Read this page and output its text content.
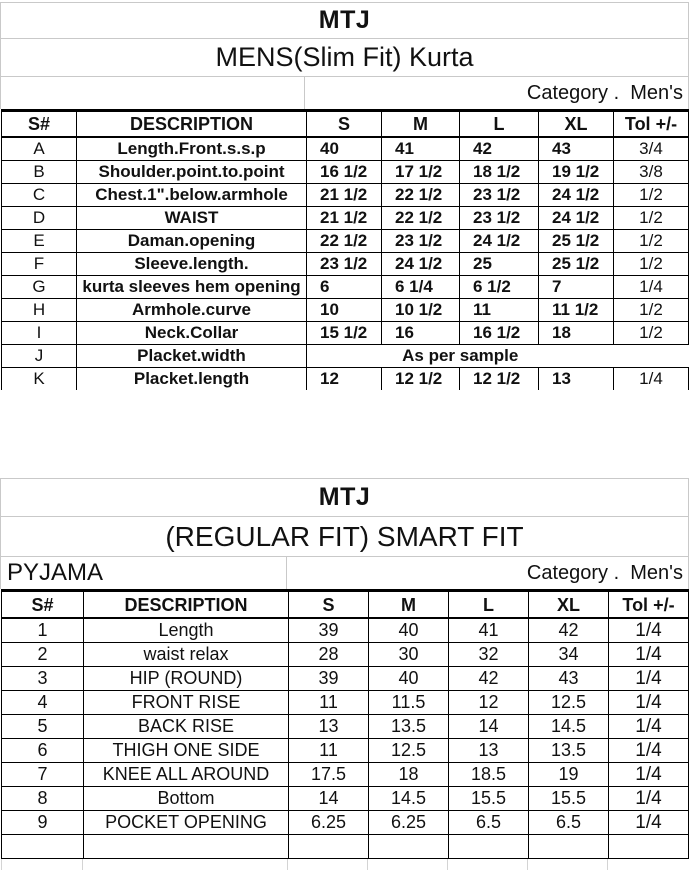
MTJ
MENS(Slim Fit) Kurta
Category .  Men's
S#	DESCRIPTION	S	M	L	XL	Tol +/-
A	Length.Front.s.s.p	40	41	42	43	3/4
B	Shoulder.point.to.point	16 1/2	17 1/2	18 1/2	19 1/2	3/8
C	Chest.1".below.armhole	21 1/2	22 1/2	23 1/2	24 1/2	1/2
D	WAIST	21 1/2	22 1/2	23 1/2	24 1/2	1/2
E	Daman.opening	22 1/2	23 1/2	24 1/2	25 1/2	1/2
F	Sleeve.length.	23 1/2	24 1/2	25	25 1/2	1/2
G	kurta sleeves hem opening	6	6 1/4	6 1/2	7	1/4
H	Armhole.curve	10	10 1/2	11	11 1/2	1/2
I	Neck.Collar	15 1/2	16	16 1/2	18	1/2
J	Placket.width	As per sample				
K	Placket.length	12	12 1/2	12 1/2	13	1/4
MTJ
(REGULAR FIT) SMART FIT
PYJAMA	Category .  Men's
S#	DESCRIPTION	S	M	L	XL	Tol +/-
1	Length	39	40	41	42	1/4
2	waist relax	28	30	32	34	1/4
3	HIP (ROUND)	39	40	42	43	1/4
4	FRONT RISE	11	11.5	12	12.5	1/4
5	BACK RISE	13	13.5	14	14.5	1/4
6	THIGH ONE SIDE	11	12.5	13	13.5	1/4
7	KNEE ALL AROUND	17.5	18	18.5	19	1/4
8	Bottom	14	14.5	15.5	15.5	1/4
9	POCKET OPENING	6.25	6.25	6.5	6.5	1/4
